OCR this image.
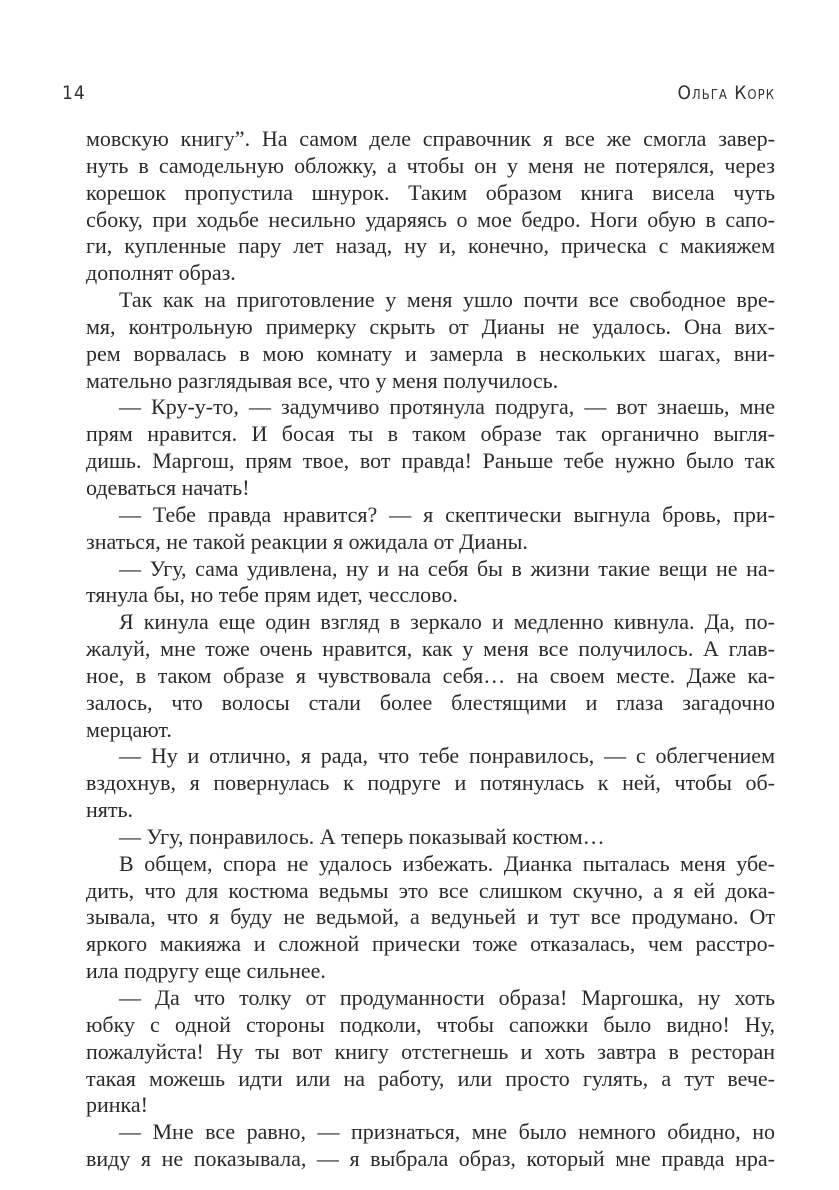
14	Ольга Корк
мовскую книгу”. На самом деле справочник я все же смогла завер-
нуть в самодельную обложку, а чтобы он у меня не потерялся, через
корешок пропустила шнурок. Таким образом книга висела чуть
сбоку, при ходьбе несильно ударяясь о мое бедро. Ноги обую в сапо-
ги, купленные пару лет назад, ну и, конечно, прическа с макияжем
дополнят образ.
Так как на приготовление у меня ушло почти все свободное вре-
мя, контрольную примерку скрыть от Дианы не удалось. Она вих-
рем ворвалась в мою комнату и замерла в нескольких шагах, вни-
мательно разглядывая все, что у меня получилось.
— Кру-у-то, — задумчиво протянула подруга, — вот знаешь, мне
прям нравится. И босая ты в таком образе так органично выгля-
дишь. Маргош, прям твое, вот правда! Раньше тебе нужно было так
одеваться начать!
— Тебе правда нравится? — я скептически выгнула бровь, при-
знаться, не такой реакции я ожидала от Дианы.
— Угу, сама удивлена, ну и на себя бы в жизни такие вещи не на-
тянула бы, но тебе прям идет, чесслово.
Я кинула еще один взгляд в зеркало и медленно кивнула. Да, по-
жалуй, мне тоже очень нравится, как у меня все получилось. А глав-
ное, в таком образе я чувствовала себя… на своем месте. Даже ка-
залось, что волосы стали более блестящими и глаза загадочно
мерцают.
— Ну и отлично, я рада, что тебе понравилось, — с облегчением
вздохнув, я повернулась к подруге и потянулась к ней, чтобы об-
нять.
— Угу, понравилось. А теперь показывай костюм…
В общем, спора не удалось избежать. Дианка пыталась меня убе-
дить, что для костюма ведьмы это все слишком скучно, а я ей дока-
зывала, что я буду не ведьмой, а ведуньей и тут все продумано. От
яркого макияжа и сложной прически тоже отказалась, чем расстро-
ила подругу еще сильнее.
— Да что толку от продуманности образа! Маргошка, ну хоть
юбку с одной стороны подколи, чтобы сапожки было видно! Ну,
пожалуйста! Ну ты вот книгу отстегнешь и хоть завтра в ресторан
такая можешь идти или на работу, или просто гулять, а тут вече-
ринка!
— Мне все равно, — признаться, мне было немного обидно, но
виду я не показывала, — я выбрала образ, который мне правда нра-
